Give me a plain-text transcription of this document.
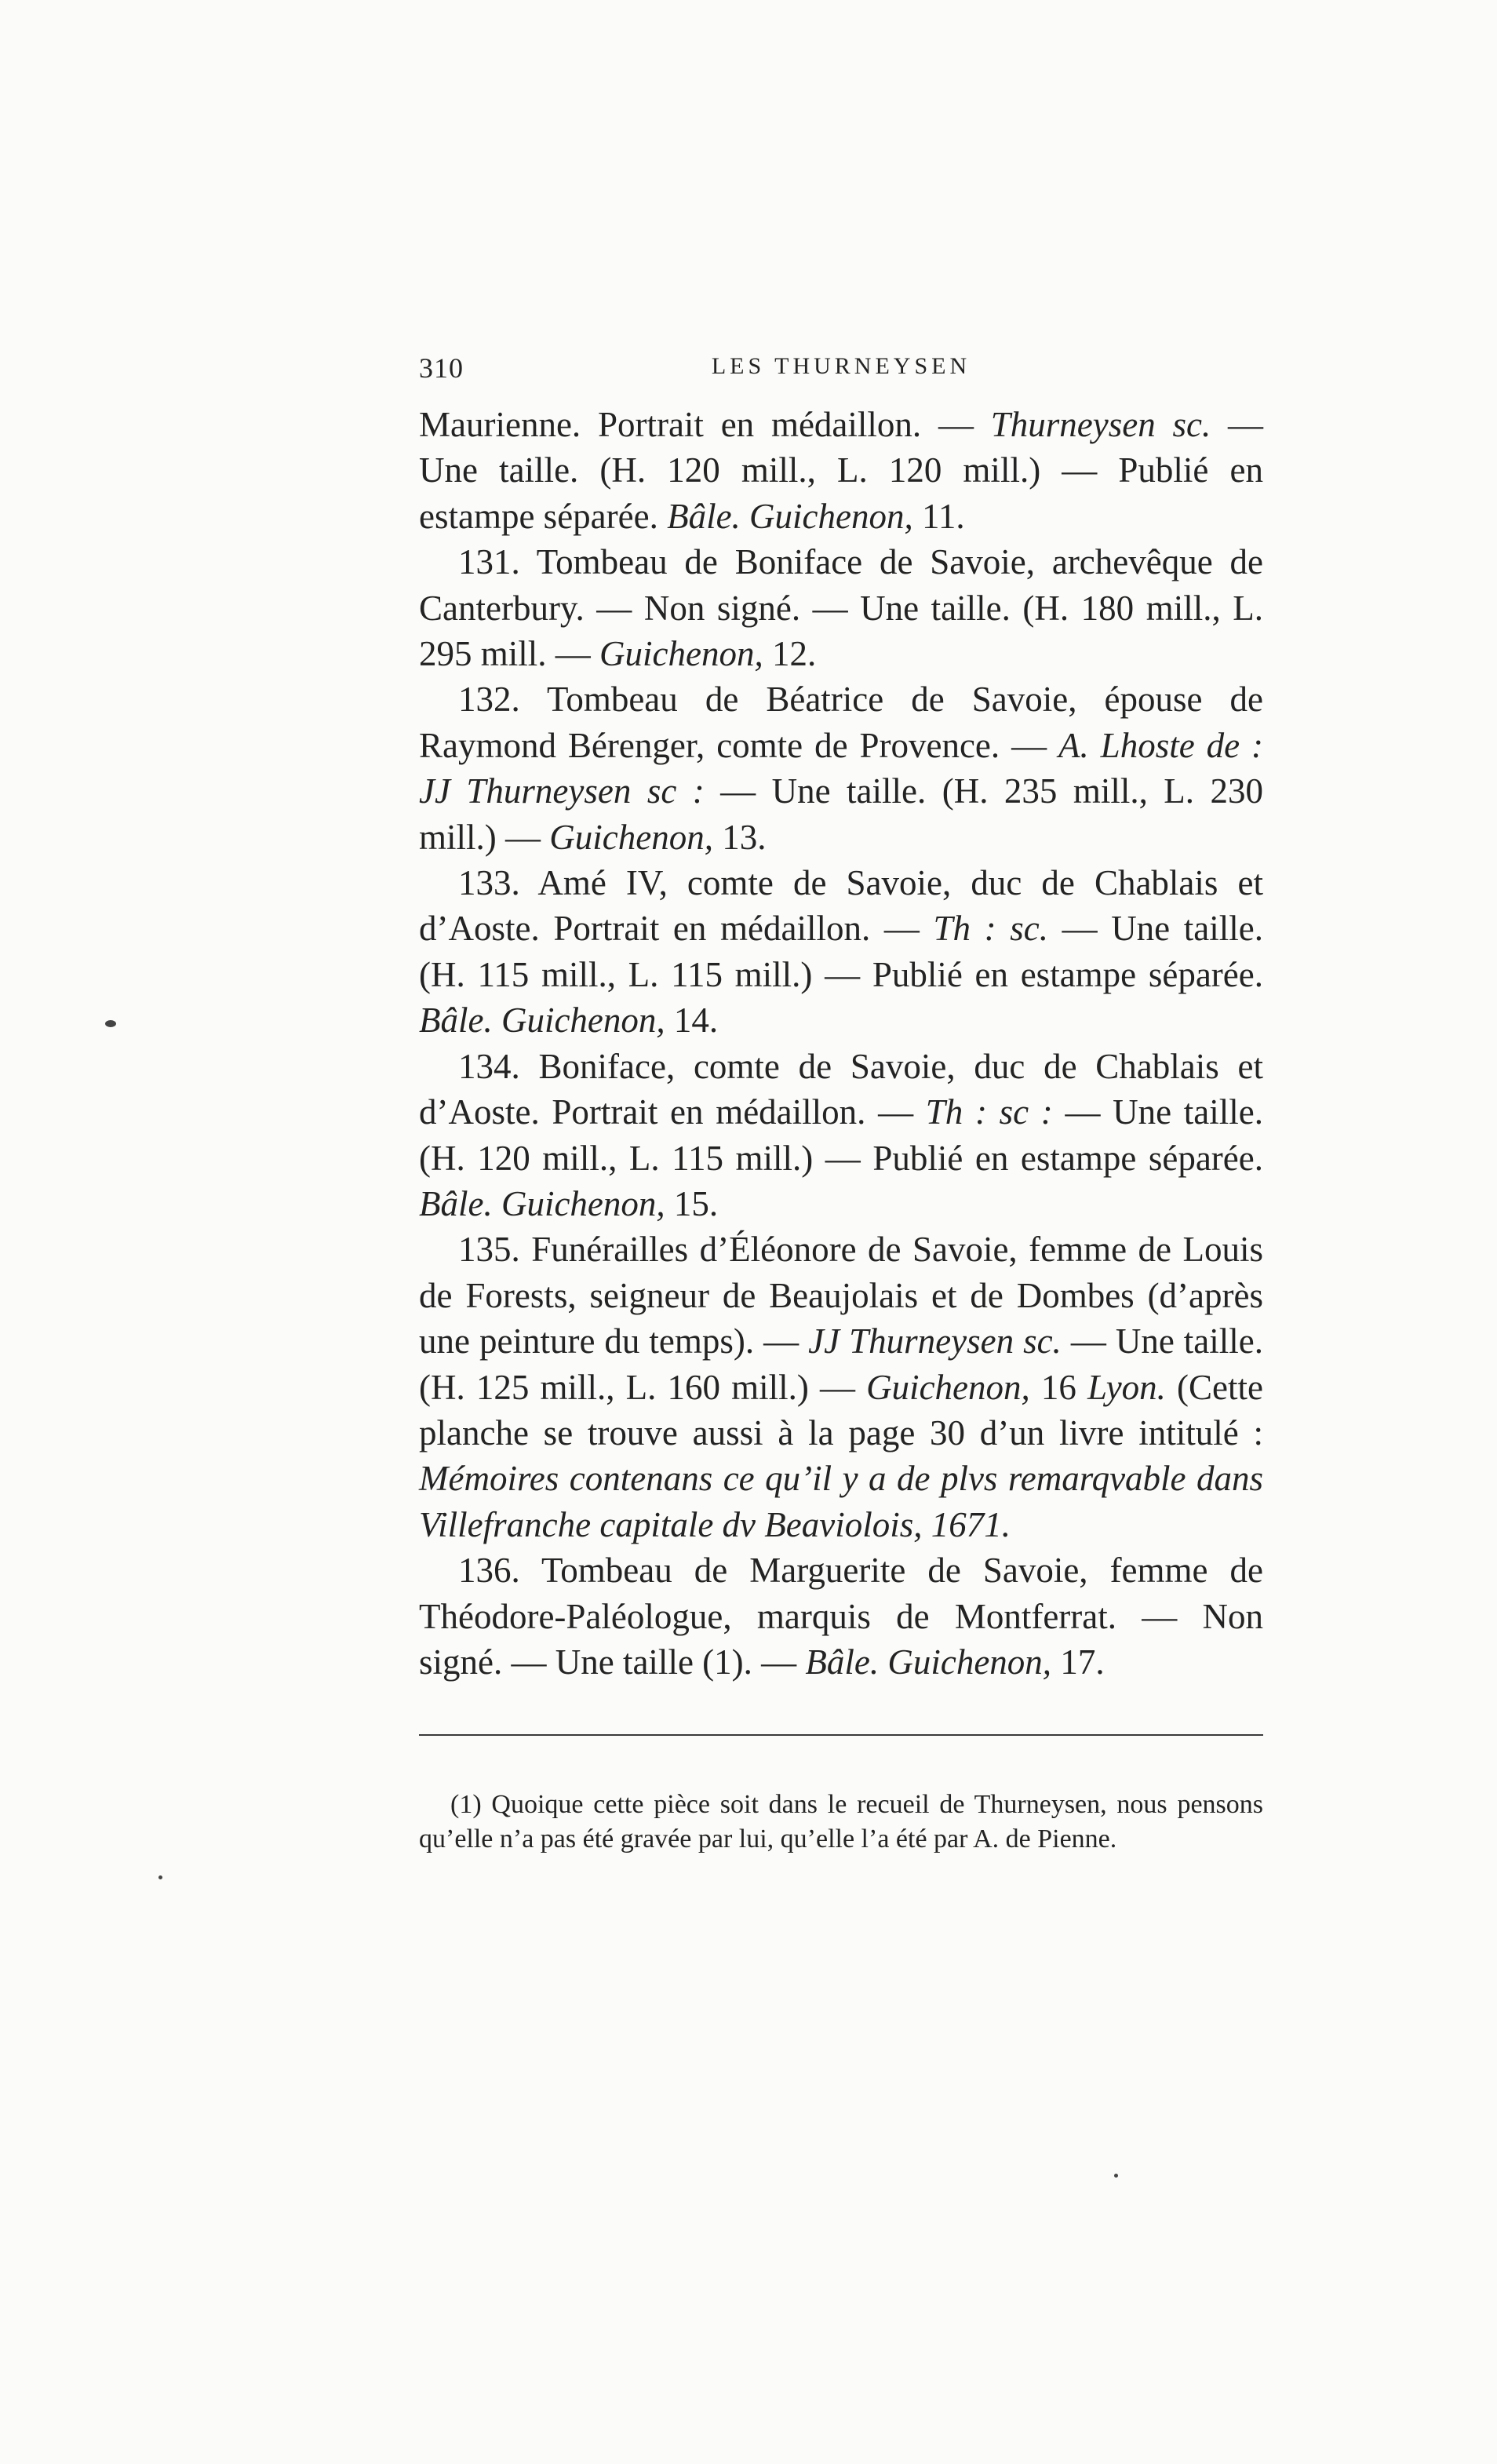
310	LES THURNEYSEN

Maurienne. Portrait en médaillon. — Thurneysen sc. — Une taille. (H. 120 mill., L. 120 mill.) — Publié en estampe séparée. Bâle. Guichenon, 11.

131. Tombeau de Boniface de Savoie, archevêque de Canterbury. — Non signé. — Une taille. (H. 180 mill., L. 295 mill. — Guichenon, 12.

132. Tombeau de Béatrice de Savoie, épouse de Raymond Bérenger, comte de Provence. — A. Lhoste de : JJ Thurneysen sc : — Une taille. (H. 235 mill., L. 230 mill.) — Guichenon, 13.

133. Amé IV, comte de Savoie, duc de Chablais et d’Aoste. Portrait en médaillon. — Th : sc. — Une taille. (H. 115 mill., L. 115 mill.) — Publié en estampe séparée. Bâle. Guichenon, 14.

134. Boniface, comte de Savoie, duc de Chablais et d’Aoste. Portrait en médaillon. — Th : sc : — Une taille. (H. 120 mill., L. 115 mill.) — Publié en estampe séparée. Bâle. Guichenon, 15.

135. Funérailles d’Éléonore de Savoie, femme de Louis de Forests, seigneur de Beaujolais et de Dombes (d’après une peinture du temps). — JJ Thurneysen sc. — Une taille. (H. 125 mill., L. 160 mill.) — Guichenon, 16 Lyon. (Cette planche se trouve aussi à la page 30 d’un livre intitulé : Mémoires contenans ce qu’il y a de plvs remarqvable dans Villefranche capitale dv Beaviolois, 1671.

136. Tombeau de Marguerite de Savoie, femme de Théodore-Paléologue, marquis de Montferrat. — Non signé. — Une taille (1). — Bâle. Guichenon, 17.

(1) Quoique cette pièce soit dans le recueil de Thurneysen, nous pensons qu’elle n’a pas été gravée par lui, qu’elle l’a été par A. de Pienne.
